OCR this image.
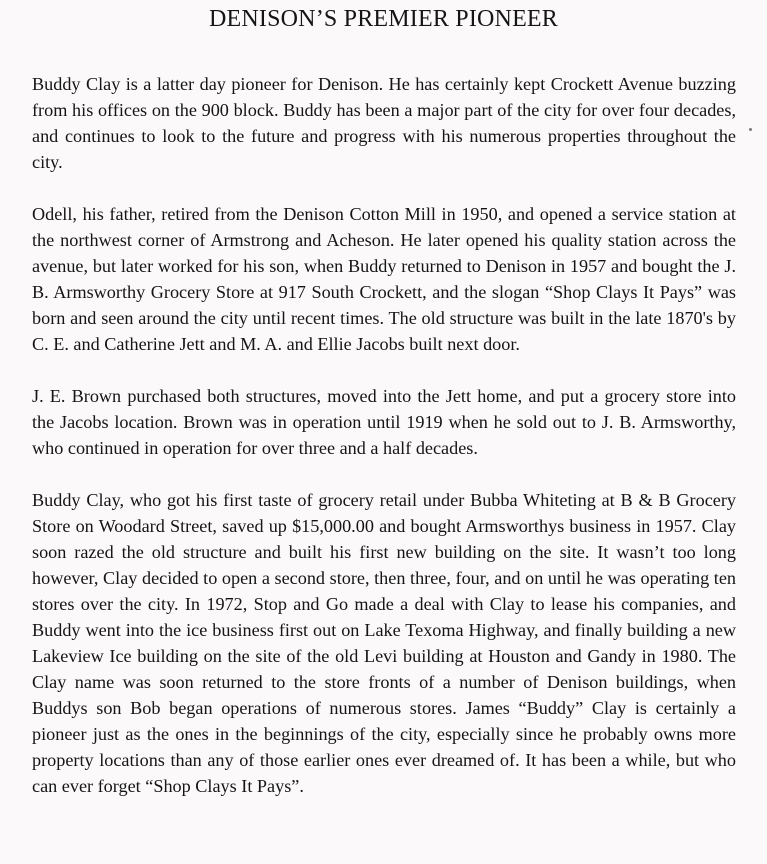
DENISON’S PREMIER PIONEER

Buddy Clay is a latter day pioneer for Denison. He has certainly kept Crockett Avenue buzzing from his offices on the 900 block. Buddy has been a major part of the city for over four decades, and continues to look to the future and progress with his numerous properties throughout the city.

Odell, his father, retired from the Denison Cotton Mill in 1950, and opened a service station at the northwest corner of Armstrong and Acheson. He later opened his quality station across the avenue, but later worked for his son, when Buddy returned to Denison in 1957 and bought the J. B. Armsworthy Grocery Store at 917 South Crockett, and the slogan “Shop Clays It Pays” was born and seen around the city until recent times. The old structure was built in the late 1870's by C. E. and Catherine Jett and M. A. and Ellie Jacobs built next door.

J. E. Brown purchased both structures, moved into the Jett home, and put a grocery store into the Jacobs location. Brown was in operation until 1919 when he sold out to J. B. Armsworthy, who continued in operation for over three and a half decades.

Buddy Clay, who got his first taste of grocery retail under Bubba Whiteting at B & B Grocery Store on Woodard Street, saved up $15,000.00 and bought Armsworthys business in 1957. Clay soon razed the old structure and built his first new building on the site. It wasn’t too long however, Clay decided to open a second store, then three, four, and on until he was operating ten stores over the city. In 1972, Stop and Go made a deal with Clay to lease his companies, and Buddy went into the ice business first out on Lake Texoma Highway, and finally building a new Lakeview Ice building on the site of the old Levi building at Houston and Gandy in 1980. The Clay name was soon returned to the store fronts of a number of Denison buildings, when Buddys son Bob began operations of numerous stores. James “Buddy” Clay is certainly a pioneer just as the ones in the beginnings of the city, especially since he probably owns more property locations than any of those earlier ones ever dreamed of. It has been a while, but who can ever forget “Shop Clays It Pays”.
